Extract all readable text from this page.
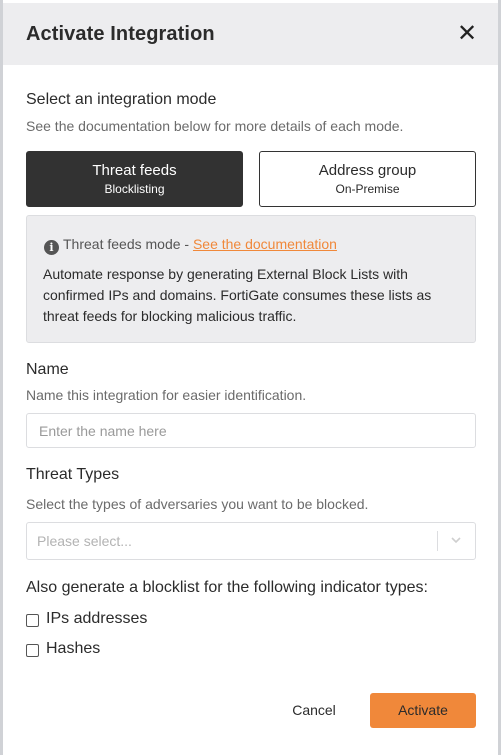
Activate Integration	✕
Select an integration mode
See the documentation below for more details of each mode.
Threat feeds
Blocklisting
Address group
On-Premise
i Threat feeds mode - See the documentation
Automate response by generating External Block Lists with confirmed IPs and domains. FortiGate consumes these lists as threat feeds for blocking malicious traffic.
Name
Name this integration for easier identification.
Enter the name here
Threat Types
Select the types of adversaries you want to be blocked.
Please select...
Also generate a blocklist for the following indicator types:
IPs addresses
Hashes
Cancel	Activate
